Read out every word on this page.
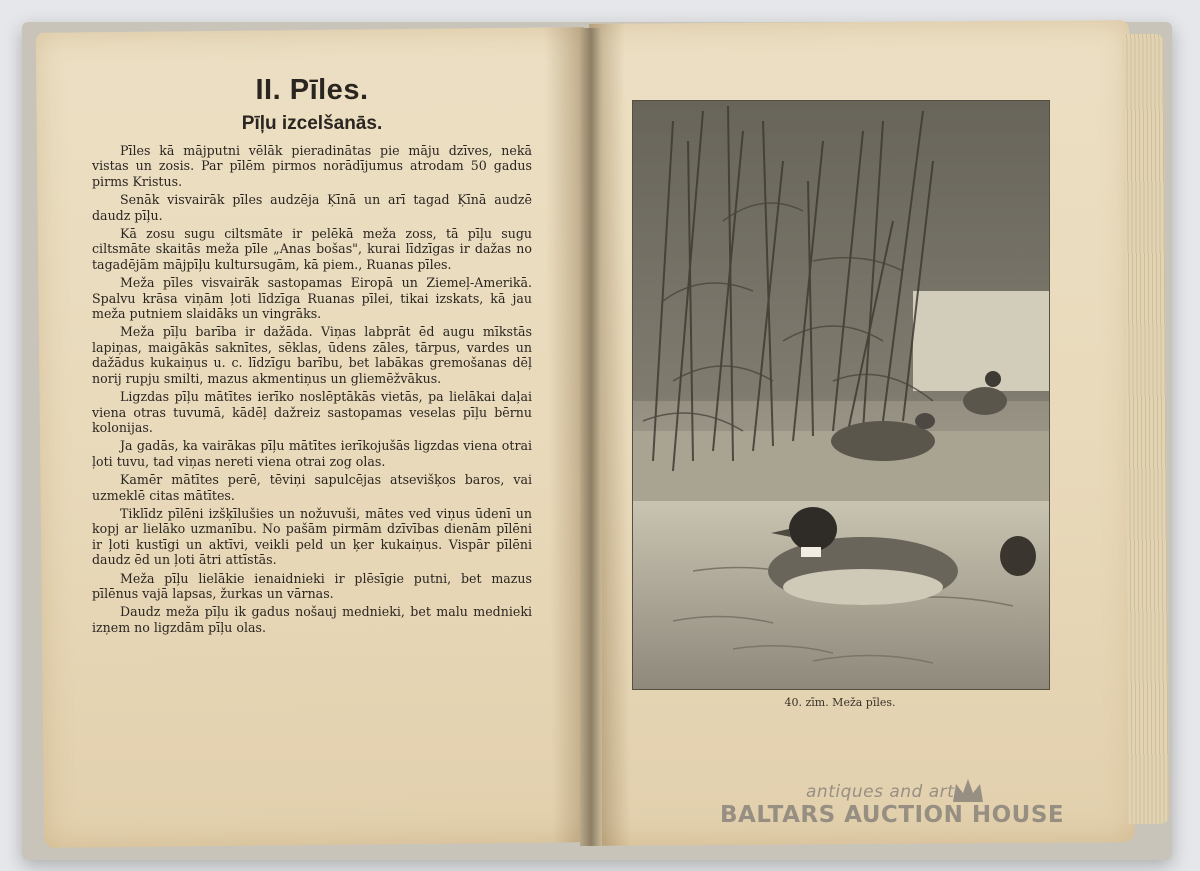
II. Pīles.
Pīļu izcelšanās.

Pīles kā mājputni vēlāk pieradinātas pie māju dzīves, nekā vistas un zosis. Par pīlēm pirmos norādījumus atrodam 50 gadus pirms Kristus.

Senāk visvairāk pīles audzēja Ķīnā un arī tagad Ķīnā audzē daudz pīļu.

Kā zosu sugu ciltsmāte ir pelēkā meža zoss, tā pīļu sugu ciltsmāte skaitās meža pīle „Anas bošas", kurai līdzīgas ir dažas no tagadējām mājpīļu kultursugām, kā piem., Ruanas pīles.

Meža pīles visvairāk sastopamas Eiropā un Ziemeļ-Amerikā. Spalvu krāsa viņām ļoti līdzīga Ruanas pīlei, tikai izskats, kā jau meža putniem slaidāks un vingrāks.

Meža pīļu barība ir dažāda. Viņas labprāt ēd augu mīkstās lapiņas, maigākās saknītes, sēklas, ūdens zāles, tārpus, vardes un dažādus kukaiņus u. c. līdzīgu barību, bet labākas gremošanas dēļ norij rupju smilti, mazus akmentiņus un gliemēžvākus.

Ligzdas pīļu mātītes ierīko noslēptākās vietās, pa lielākai daļai viena otras tuvumā, kādēļ dažreiz sastopamas veselas pīļu bērnu kolonijas.

Ja gadās, ka vairākas pīļu mātītes ierīkojušās ligzdas viena otrai ļoti tuvu, tad viņas nereti viena otrai zog olas.

Kamēr mātītes perē, tēviņi sapulcējas atsevišķos baros, vai uzmeklē citas mātītes.

Tiklīdz pīlēni izšķīlušies un nožuvuši, mātes ved viņus ūdenī un kopj ar lielāko uzmanību. No pašām pirmām dzīvības dienām pīlēni ir ļoti kustīgi un aktīvi, veikli peld un ķer kukaiņus. Vispār pīlēni daudz ēd un ļoti ātri attīstās.

Meža pīļu lielākie ienaidnieki ir plēsīgie putni, bet mazus pīlēnus vajā lapsas, žurkas un vārnas.

Daudz meža pīļu ik gadus nošauj mednieki, bet malu mednieki izņem no ligzdām pīļu olas.

40. zīm. Meža pīles.
antiques and art
BALTARS AUCTION HOUSE
